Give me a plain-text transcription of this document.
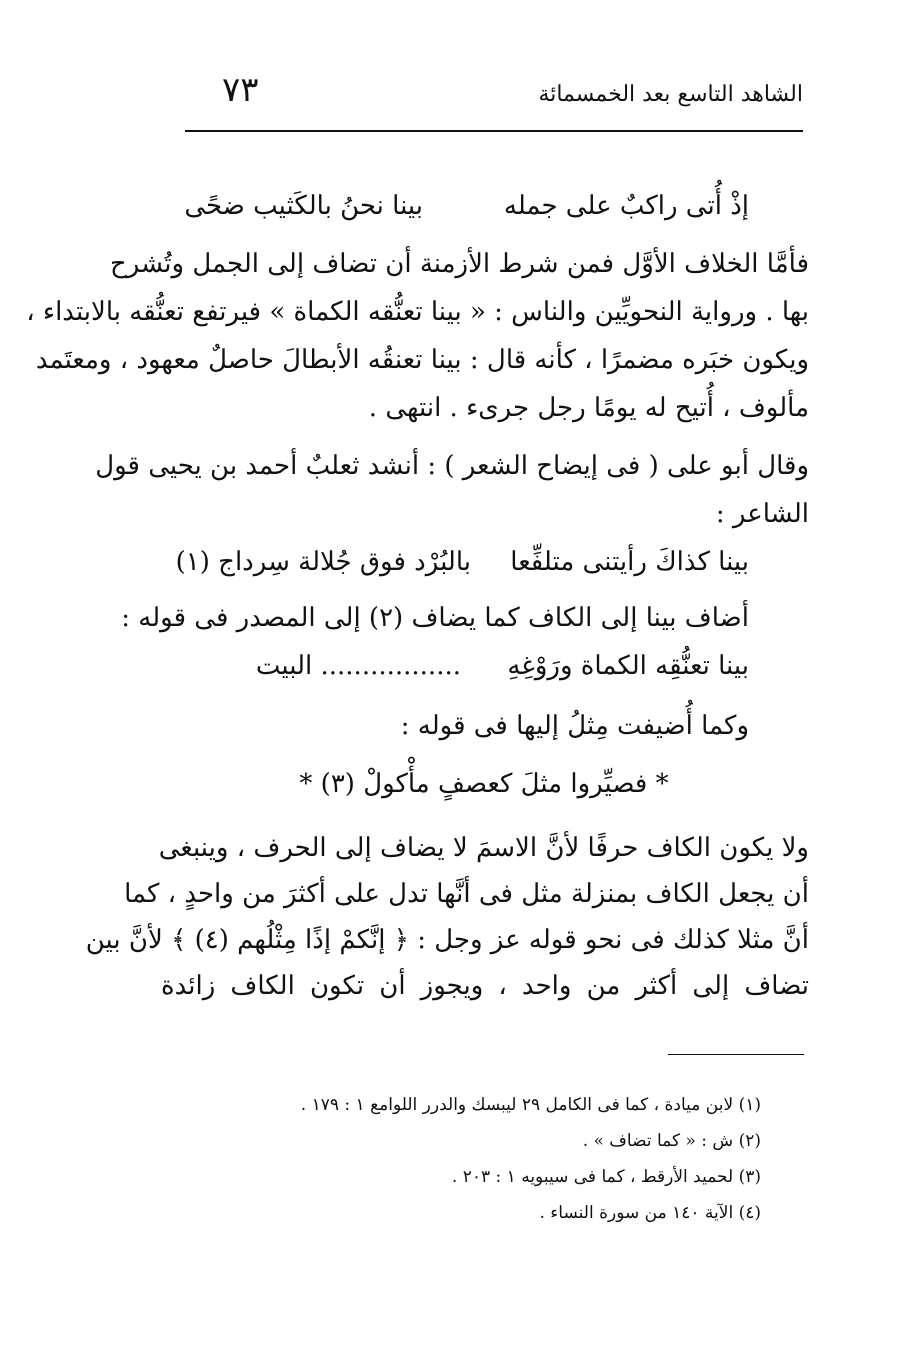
الشاهد التاسع بعد الخمسمائة
٧٣
بينا نحنُ بالكَثيب ضحًى	إذْ أُتى راكبٌ على جمله
فأمَّا الخلاف الأوَّل فمن شرط الأزمنة أن تضاف إلى الجمل وتُشرح
بها . ورواية النحويِّين والناس : « بينا تعنُّقه الكماة » فيرتفع تعنُّقه بالابتداء ،
ويكون خبَره مضمرًا ، كأنه قال : بينا تعنقُه الأبطالَ حاصلٌ معهود ، ومعتَمد
مألوف ، أُتيح له يومًا رجل جرىء . انتهى .
وقال أبو على ( فى إيضاح الشعر ) : أنشد ثعلبٌ أحمد بن يحيى قول
الشاعر :
بينا كذاكَ رأيتنى متلفِّعا
بالبُرْد فوق جُلالة سِرداج (١)
أضاف بينا إلى الكاف كما يضاف (٢) إلى المصدر فى قوله :
بينا تعنُّقِه الكماة ورَوْغِهِ
................. البيت
وكما أُضيفت مِثلُ إليها فى قوله :
* فصيِّروا مثلَ كعصفٍ مأْكولْ (٣) *
ولا يكون الكاف حرفًا لأنَّ الاسمَ لا يضاف إلى الحرف ، وينبغى
أن يجعل الكاف بمنزلة مثل فى أنَّها تدل على أكثرَ من واحدٍ ، كما
أنَّ مثلا كذلك فى نحو قوله عز وجل : ﴿ إنَّكمْ إذًا مِثْلُهم (٤) ﴾ لأنَّ بين
تضاف إلى أكثر من واحد ، ويجوز أن تكون الكاف زائدة
(١) لابن ميادة ، كما فى الكامل ٢٩ ليبسك والدرر اللوامع ١ : ١٧٩ .
(٢) ش : « كما تضاف » .
(٣) لحميد الأرقط ، كما فى سيبويه ١ : ٢٠٣ .
(٤) الآية ١٤٠ من سورة النساء .
